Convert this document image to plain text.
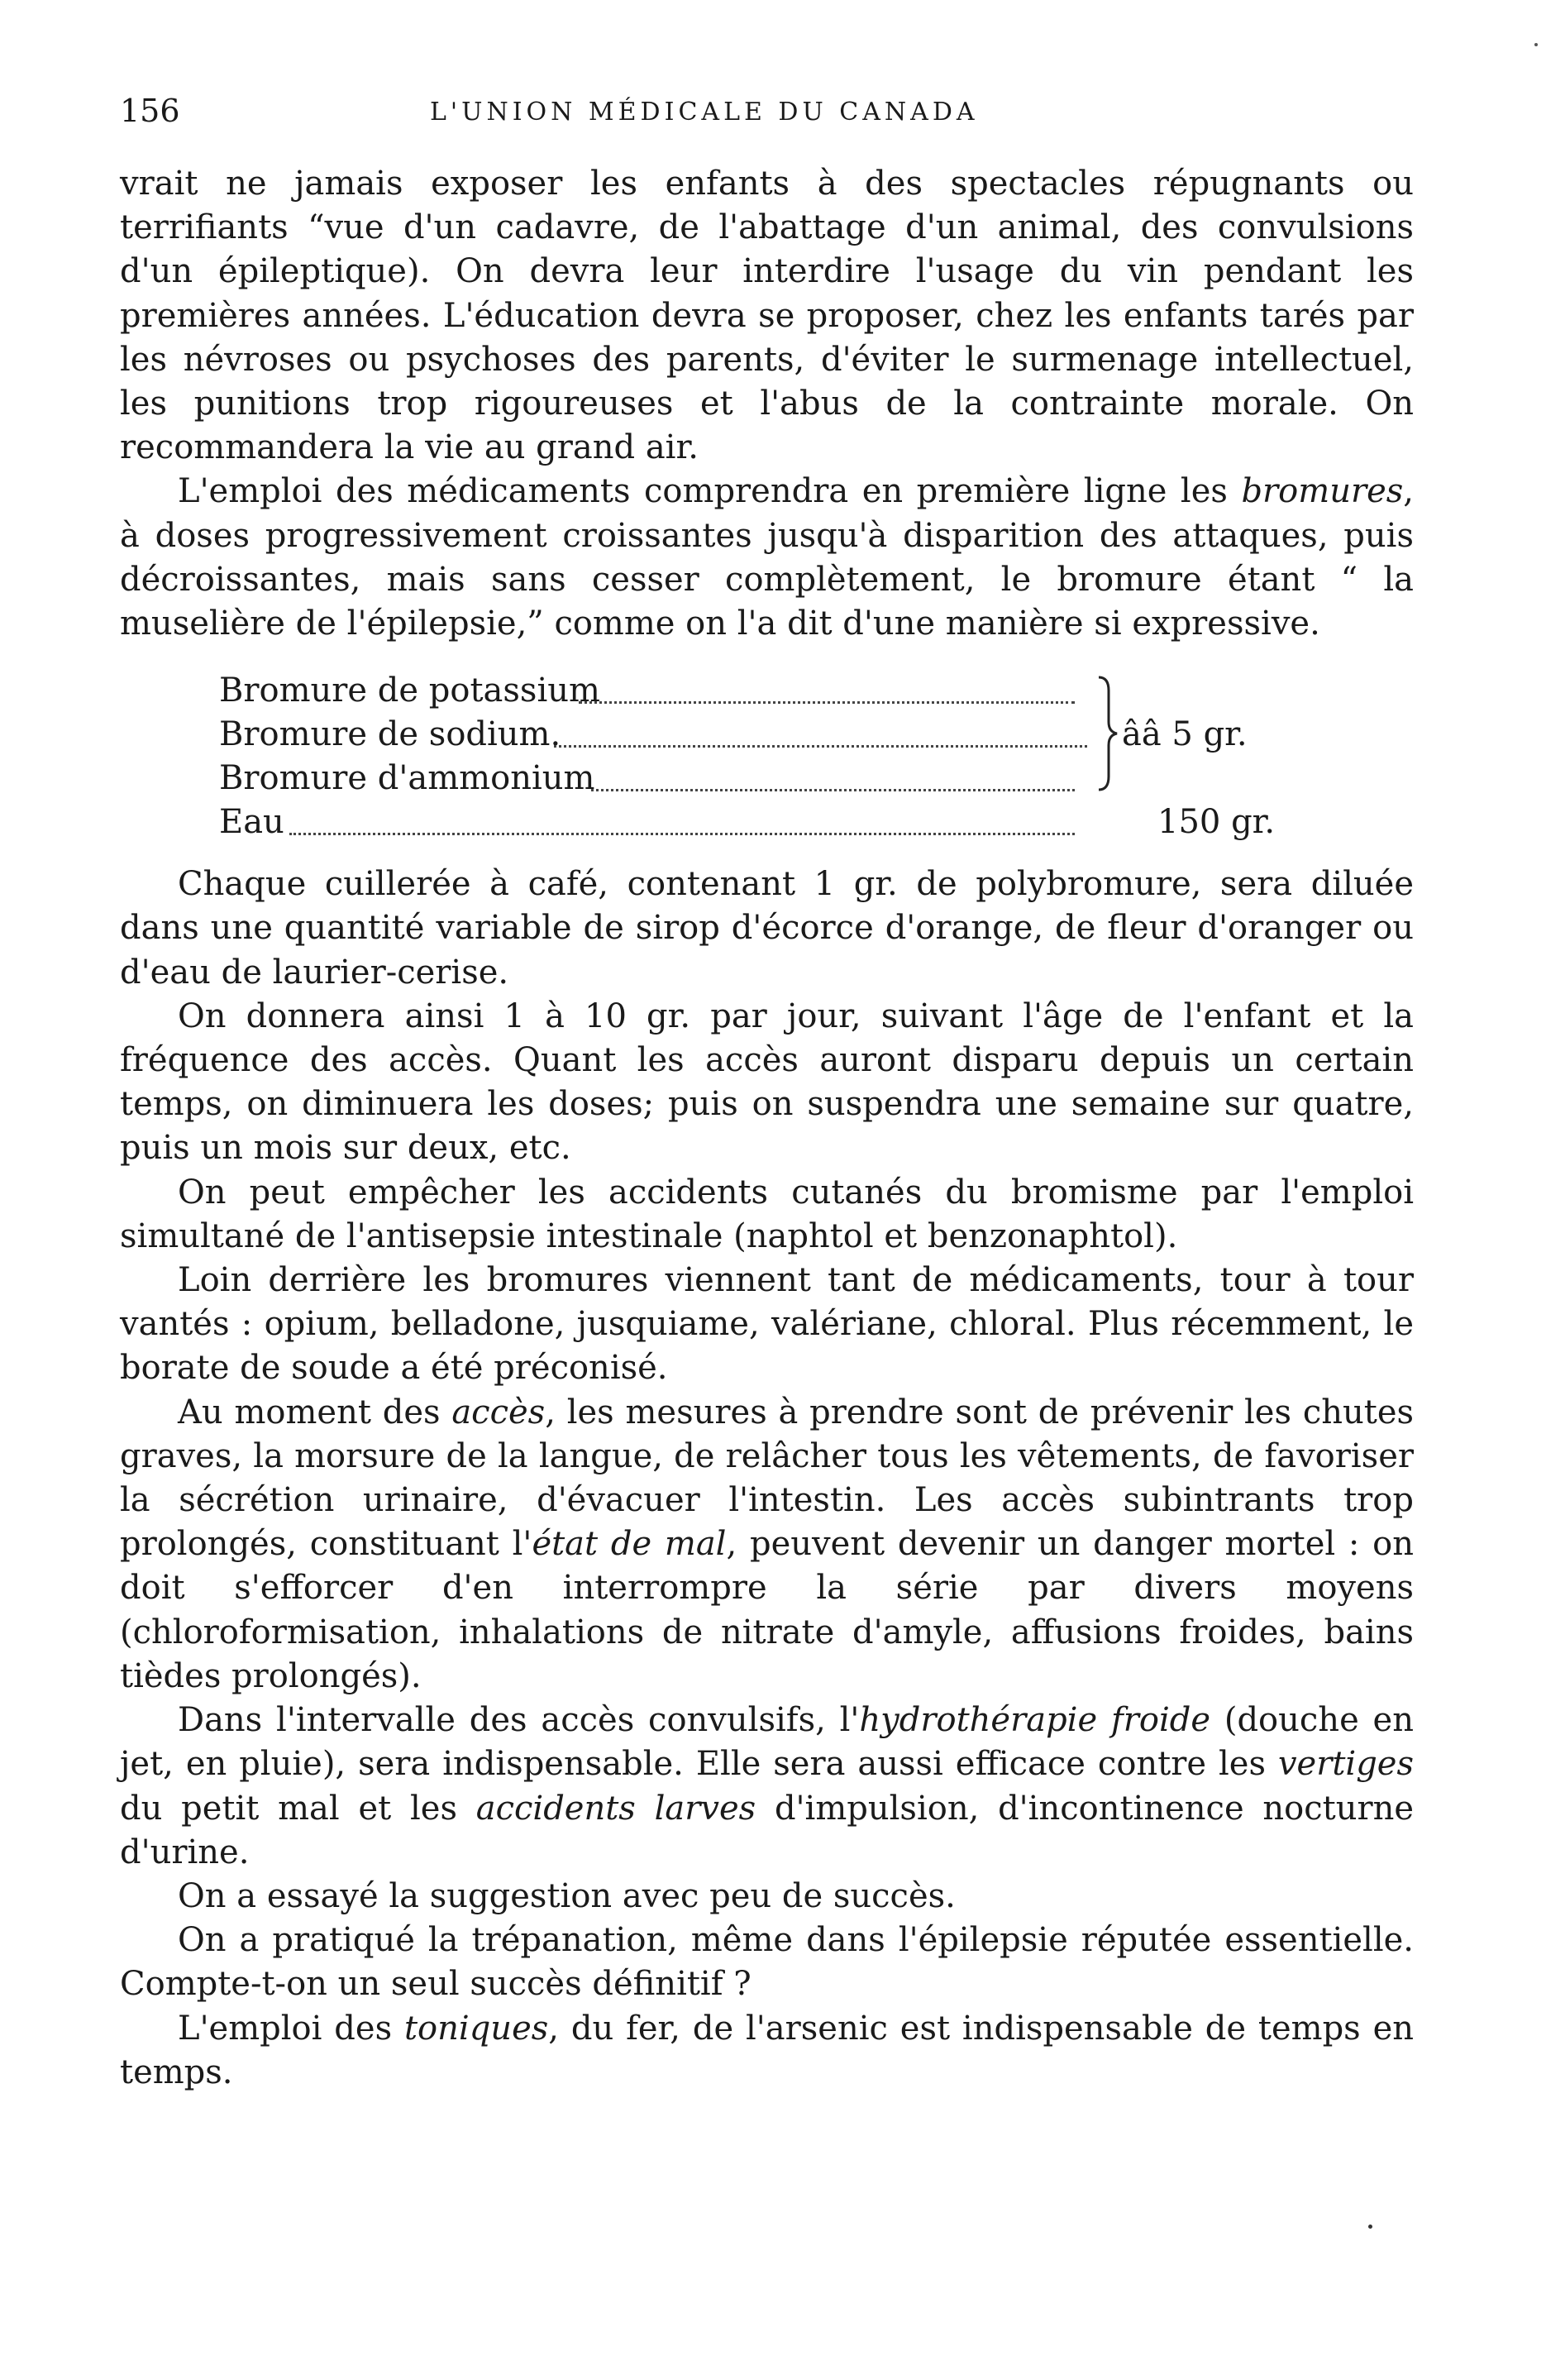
156	L'UNION MÉDICALE DU CANADA

vrait ne jamais exposer les enfants à des spectacles répugnants ou terrifiants “vue d'un cadavre, de l'abattage d'un animal, des convulsions d'un épileptique). On devra leur interdire l'usage du vin pendant les premières années. L'éducation devra se proposer, chez les enfants tarés par les névroses ou psychoses des parents, d'éviter le surmenage intellectuel, les punitions trop rigoureuses et l'abus de la contrainte morale. On recommandera la vie au grand air.

L'emploi des médicaments comprendra en première ligne les bromures, à doses progressivement croissantes jusqu'à disparition des attaques, puis décroissantes, mais sans cesser complètement, le bromure étant “ la muselière de l'épilepsie,” comme on l'a dit d'une manière si expressive.

Bromure de potassium
Bromure de sodium.
Bromure d'ammonium
Eau
ââ 5 gr.
150 gr.

Chaque cuillerée à café, contenant 1 gr. de polybromure, sera diluée dans une quantité variable de sirop d'écorce d'orange, de fleur d'oranger ou d'eau de laurier-cerise.

On donnera ainsi 1 à 10 gr. par jour, suivant l'âge de l'enfant et la fréquence des accès. Quant les accès auront disparu depuis un certain temps, on diminuera les doses; puis on suspendra une semaine sur quatre, puis un mois sur deux, etc.

On peut empêcher les accidents cutanés du bromisme par l'emploi simultané de l'antisepsie intestinale (naphtol et benzonaphtol).

Loin derrière les bromures viennent tant de médicaments, tour à tour vantés : opium, belladone, jusquiame, valériane, chloral. Plus récemment, le borate de soude a été préconisé.

Au moment des accès, les mesures à prendre sont de prévenir les chutes graves, la morsure de la langue, de relâcher tous les vêtements, de favoriser la sécrétion urinaire, d'évacuer l'intestin. Les accès subintrants trop prolongés, constituant l'état de mal, peuvent devenir un danger mortel : on doit s'efforcer d'en interrompre la série par divers moyens (chloroformisation, inhalations de nitrate d'amyle, affusions froides, bains tièdes prolongés).

Dans l'intervalle des accès convulsifs, l'hydrothérapie froide (douche en jet, en pluie), sera indispensable. Elle sera aussi efficace contre les vertiges du petit mal et les accidents larves d'impulsion, d'incontinence nocturne d'urine.

On a essayé la suggestion avec peu de succès.

On a pratiqué la trépanation, même dans l'épilepsie réputée essentielle. Compte-t-on un seul succès définitif ?

L'emploi des toniques, du fer, de l'arsenic est indispensable de temps en temps.
